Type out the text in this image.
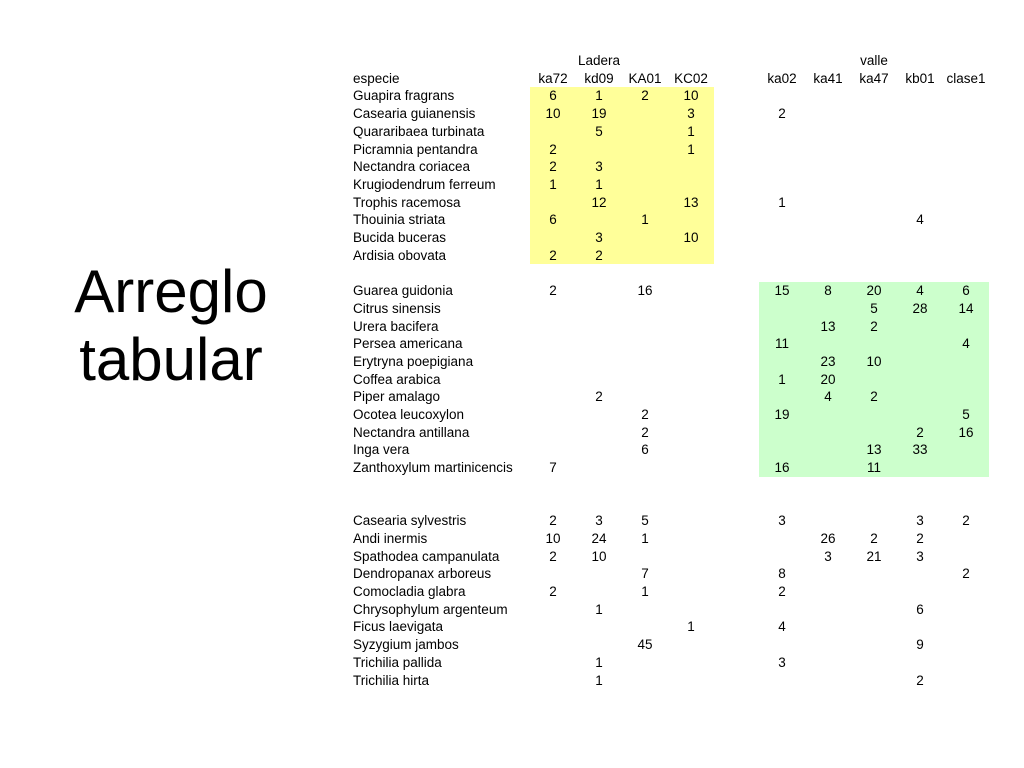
Arreglo
tabular
		Ladera						valle		
especie	ka72	kd09	KA01	KC02		ka02	ka41	ka47	kb01	clase1
Guapira fragrans	6	1	2	10						
Casearia guianensis	10	19		3		2				
Quararibaea turbinata		5		1						
Picramnia pentandra	2			1						
Nectandra coriacea	2	3								
Krugiodendrum ferreum	1	1								
Trophis racemosa		12		13		1				
Thouinia striata	6		1						4	
Bucida buceras		3		10						
Ardisia obovata	2	2								

Guarea guidonia	2		16			15	8	20	4	6
Citrus sinensis								5	28	14
Urera bacifera							13	2		
Persea americana						11				4
Erytryna poepigiana							23	10		
Coffea arabica						1	20			
Piper amalago		2					4	2		
Ocotea leucoxylon			2			19				5
Nectandra antillana			2						2	16
Inga vera			6					13	33	
Zanthoxylum martinicencis	7					16		11		

Casearia sylvestris	2	3	5			3			3	2
Andi inermis	10	24	1				26	2	2	
Spathodea campanulata	2	10					3	21	3	
Dendropanax arboreus			7			8				2
Comocladia glabra	2		1			2				
Chrysophylum argenteum		1							6	
Ficus laevigata				1		4				
Syzygium jambos			45						9	
Trichilia pallida		1				3				
Trichilia hirta		1							2	
